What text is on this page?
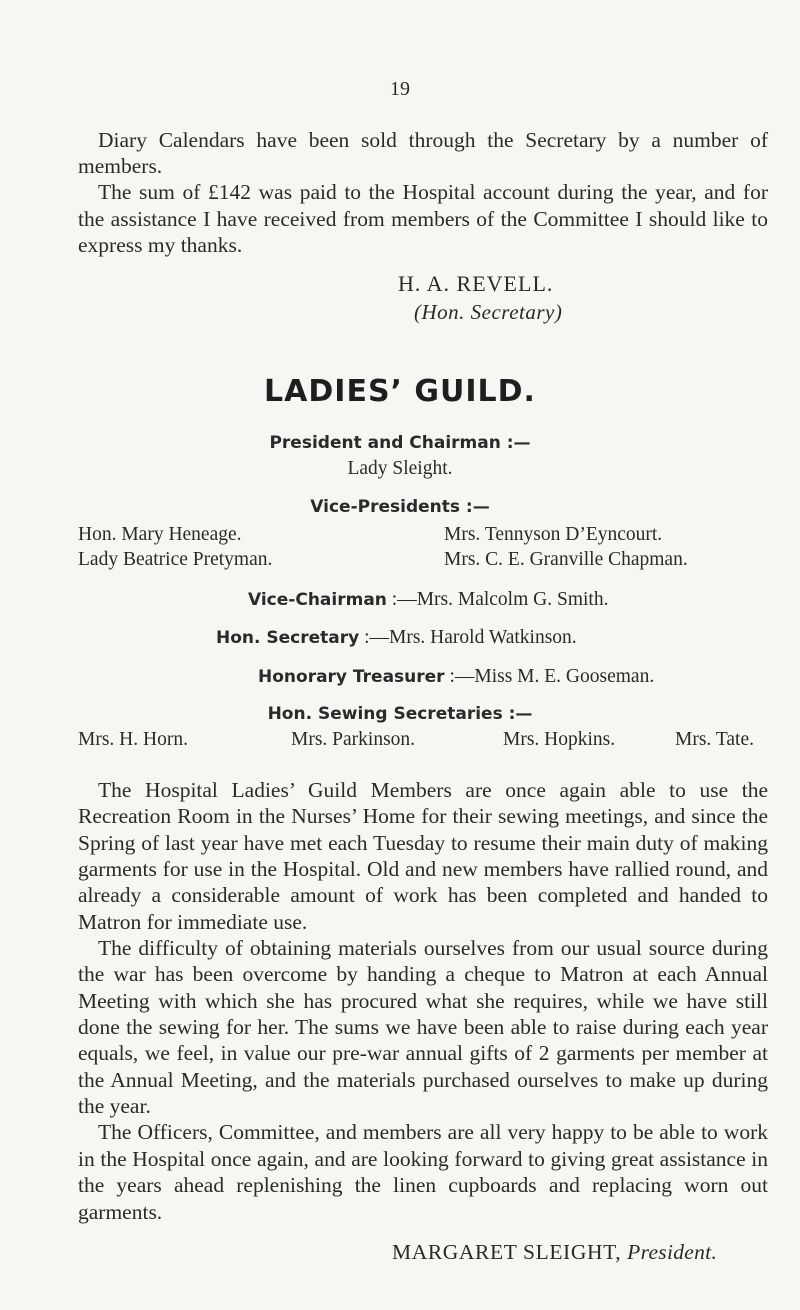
19

Diary Calendars have been sold through the Secretary by a number of members.

The sum of £142 was paid to the Hospital account during the year, and for the assistance I have received from members of the Committee I should like to express my thanks.

H. A. REVELL.
(Hon. Secretary)
LADIES’ GUILD.
President and Chairman :—
Lady Sleight.
Vice-Presidents :—
Hon. Mary Heneage.	Mrs. Tennyson D’Eyncourt.
Lady Beatrice Pretyman.	Mrs. C. E. Granville Chapman.
Vice-Chairman :—Mrs. Malcolm G. Smith.
Hon. Secretary :—Mrs. Harold Watkinson.
Honorary Treasurer :—Miss M. E. Gooseman.
Hon. Sewing Secretaries :—
Mrs. H. Horn.	Mrs. Parkinson.	Mrs. Hopkins.	Mrs. Tate.

The Hospital Ladies’ Guild Members are once again able to use the Recreation Room in the Nurses’ Home for their sewing meetings, and since the Spring of last year have met each Tuesday to resume their main duty of making garments for use in the Hospital. Old and new members have rallied round, and already a considerable amount of work has been completed and handed to Matron for immediate use.

The difficulty of obtaining materials ourselves from our usual source during the war has been overcome by handing a cheque to Matron at each Annual Meeting with which she has procured what she requires, while we have still done the sewing for her. The sums we have been able to raise during each year equals, we feel, in value our pre-war annual gifts of 2 garments per member at the Annual Meeting, and the materials purchased ourselves to make up during the year.

The Officers, Committee, and members are all very happy to be able to work in the Hospital once again, and are looking forward to giving great assistance in the years ahead replenishing the linen cupboards and replacing worn out garments.

MARGARET SLEIGHT, President.
